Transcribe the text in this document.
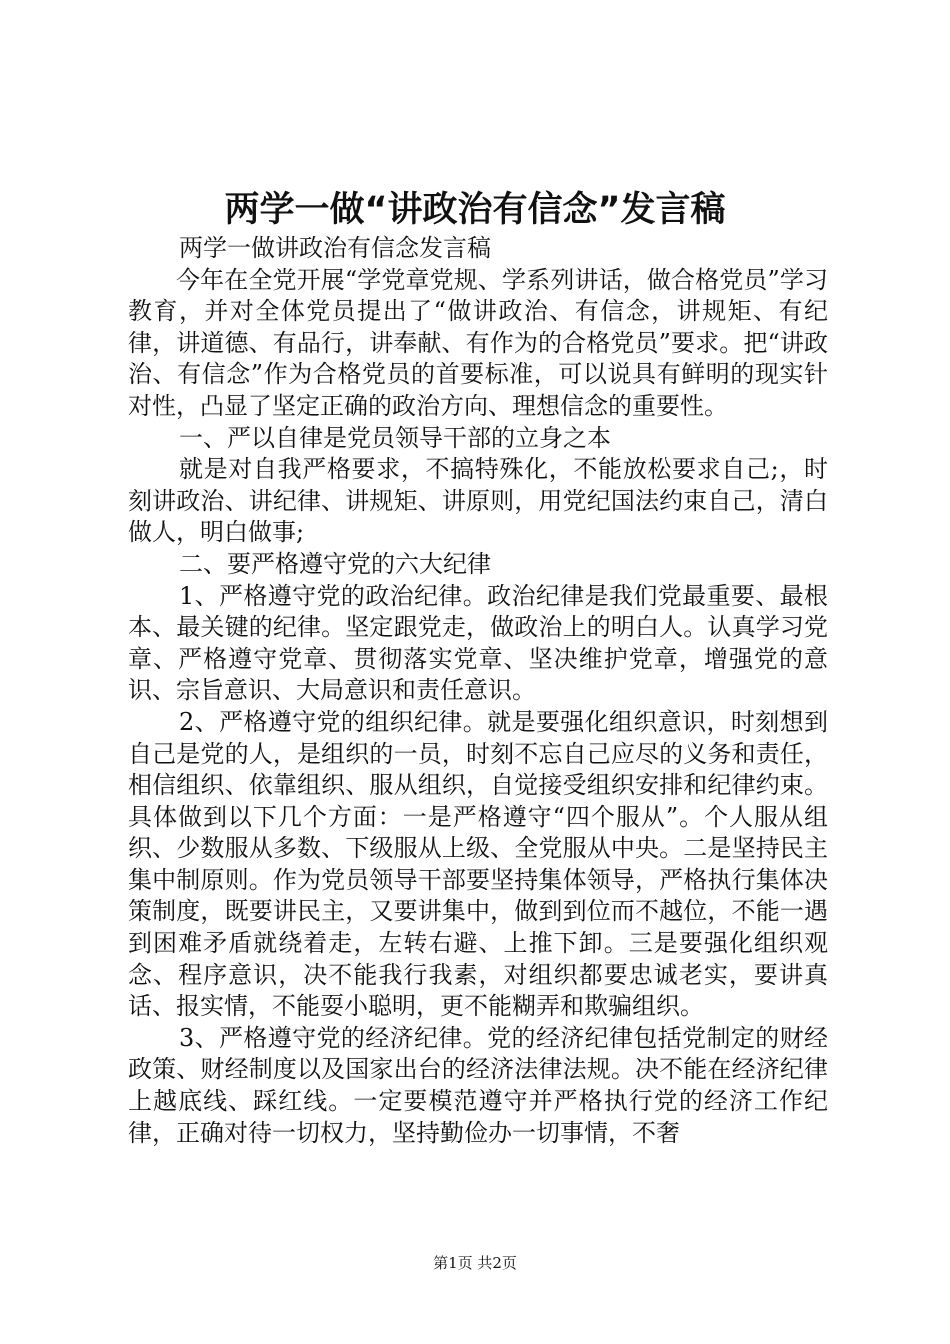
两学一做“讲政治有信念”发言稿

两学一做讲政治有信念发言稿

今年在全党开展“学党章党规、学系列讲话，做合格党员”学习教育，并对全体党员提出了“做讲政治、有信念，讲规矩、有纪律，讲道德、有品行，讲奉献、有作为的合格党员”要求。把“讲政治、有信念”作为合格党员的首要标准，可以说具有鲜明的现实针对性，凸显了坚定正确的政治方向、理想信念的重要性。

一、严以自律是党员领导干部的立身之本

就是对自我严格要求，不搞特殊化，不能放松要求自己;，时刻讲政治、讲纪律、讲规矩、讲原则，用党纪国法约束自己，清白做人，明白做事;

二、要严格遵守党的六大纪律

1、严格遵守党的政治纪律。政治纪律是我们党最重要、最根本、最关键的纪律。坚定跟党走，做政治上的明白人。认真学习党章、严格遵守党章、贯彻落实党章、坚决维护党章，增强党的意识、宗旨意识、大局意识和责任意识。

2、严格遵守党的组织纪律。就是要强化组织意识，时刻想到自己是党的人，是组织的一员，时刻不忘自己应尽的义务和责任，相信组织、依靠组织、服从组织，自觉接受组织安排和纪律约束。具体做到以下几个方面：一是严格遵守“四个服从”。个人服从组织、少数服从多数、下级服从上级、全党服从中央。二是坚持民主集中制原则。作为党员领导干部要坚持集体领导，严格执行集体决策制度，既要讲民主，又要讲集中，做到到位而不越位，不能一遇到困难矛盾就绕着走，左转右避、上推下卸。三是要强化组织观念、程序意识，决不能我行我素，对组织都要忠诚老实，要讲真话、报实情，不能耍小聪明，更不能糊弄和欺骗组织。

3、严格遵守党的经济纪律。党的经济纪律包括党制定的财经政策、财经制度以及国家出台的经济法律法规。决不能在经济纪律上越底线、踩红线。一定要模范遵守并严格执行党的经济工作纪律，正确对待一切权力，坚持勤俭办一切事情，不奢

第1页 共2页
